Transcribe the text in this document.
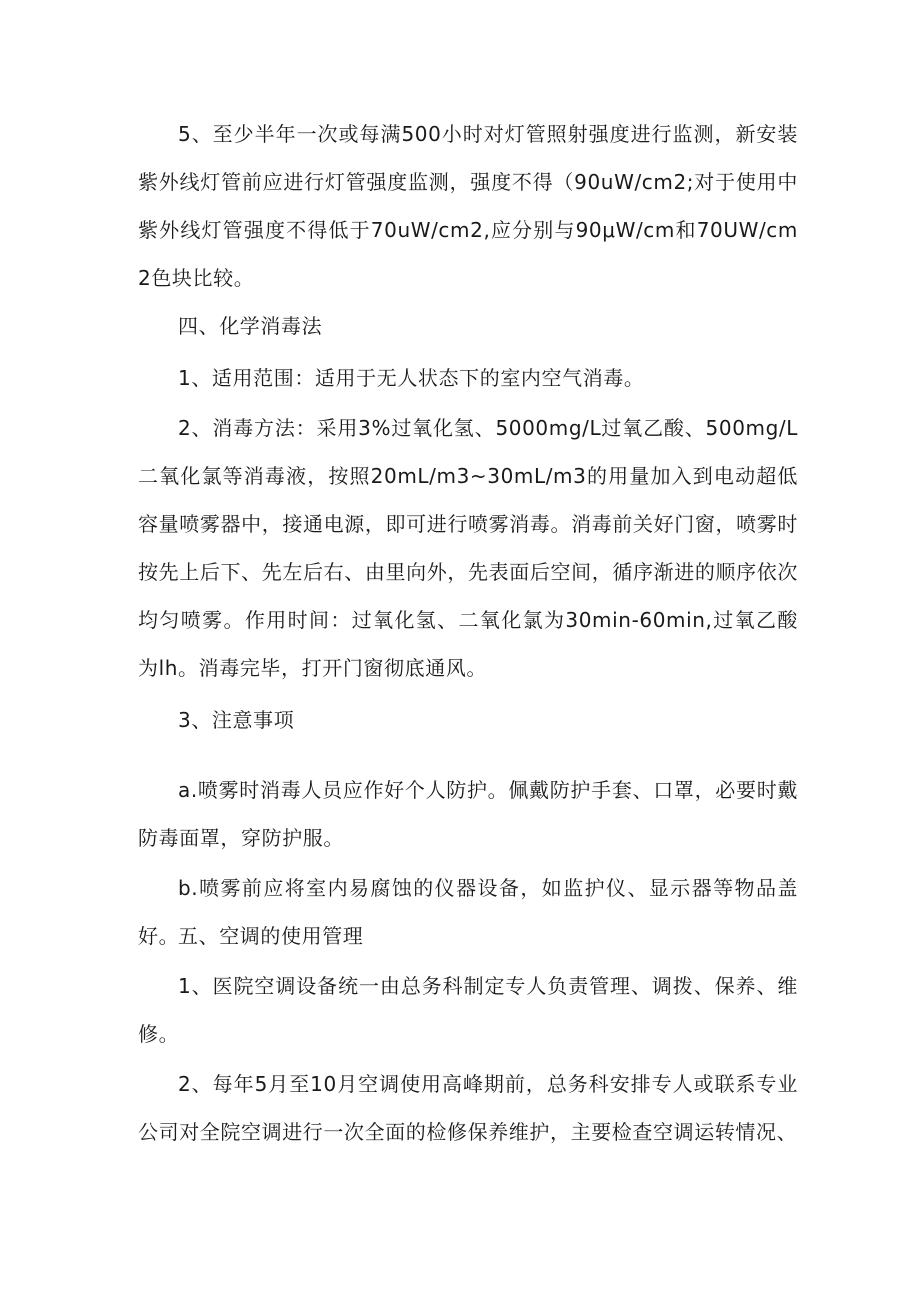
5、至少半年一次或每满500小时对灯管照射强度进行监测，新安装紫外线灯管前应进行灯管强度监测，强度不得（90uW/cm2;对于使用中紫外线灯管强度不得低于70uW/cm2,应分别与90μW/cm和70UW/cm2色块比较。

四、化学消毒法

1、适用范围：适用于无人状态下的室内空气消毒。

2、消毒方法：采用3%过氧化氢、5000mg/L过氧乙酸、500mg/L二氧化氯等消毒液，按照20mL/m3~30mL/m3的用量加入到电动超低容量喷雾器中，接通电源，即可进行喷雾消毒。消毒前关好门窗，喷雾时按先上后下、先左后右、由里向外，先表面后空间，循序渐进的顺序依次均匀喷雾。作用时间：过氧化氢、二氧化氯为30min-60min,过氧乙酸为lh。消毒完毕，打开门窗彻底通风。

3、注意事项

a.喷雾时消毒人员应作好个人防护。佩戴防护手套、口罩，必要时戴防毒面罩，穿防护服。

b.喷雾前应将室内易腐蚀的仪器设备，如监护仪、显示器等物品盖好。

五、空调的使用管理

1、医院空调设备统一由总务科制定专人负责管理、调拨、保养、维修。

2、每年5月至10月空调使用高峰期前，总务科安排专人或联系专业公司对全院空调进行一次全面的检修保养维护，主要检查空调运转情况、
